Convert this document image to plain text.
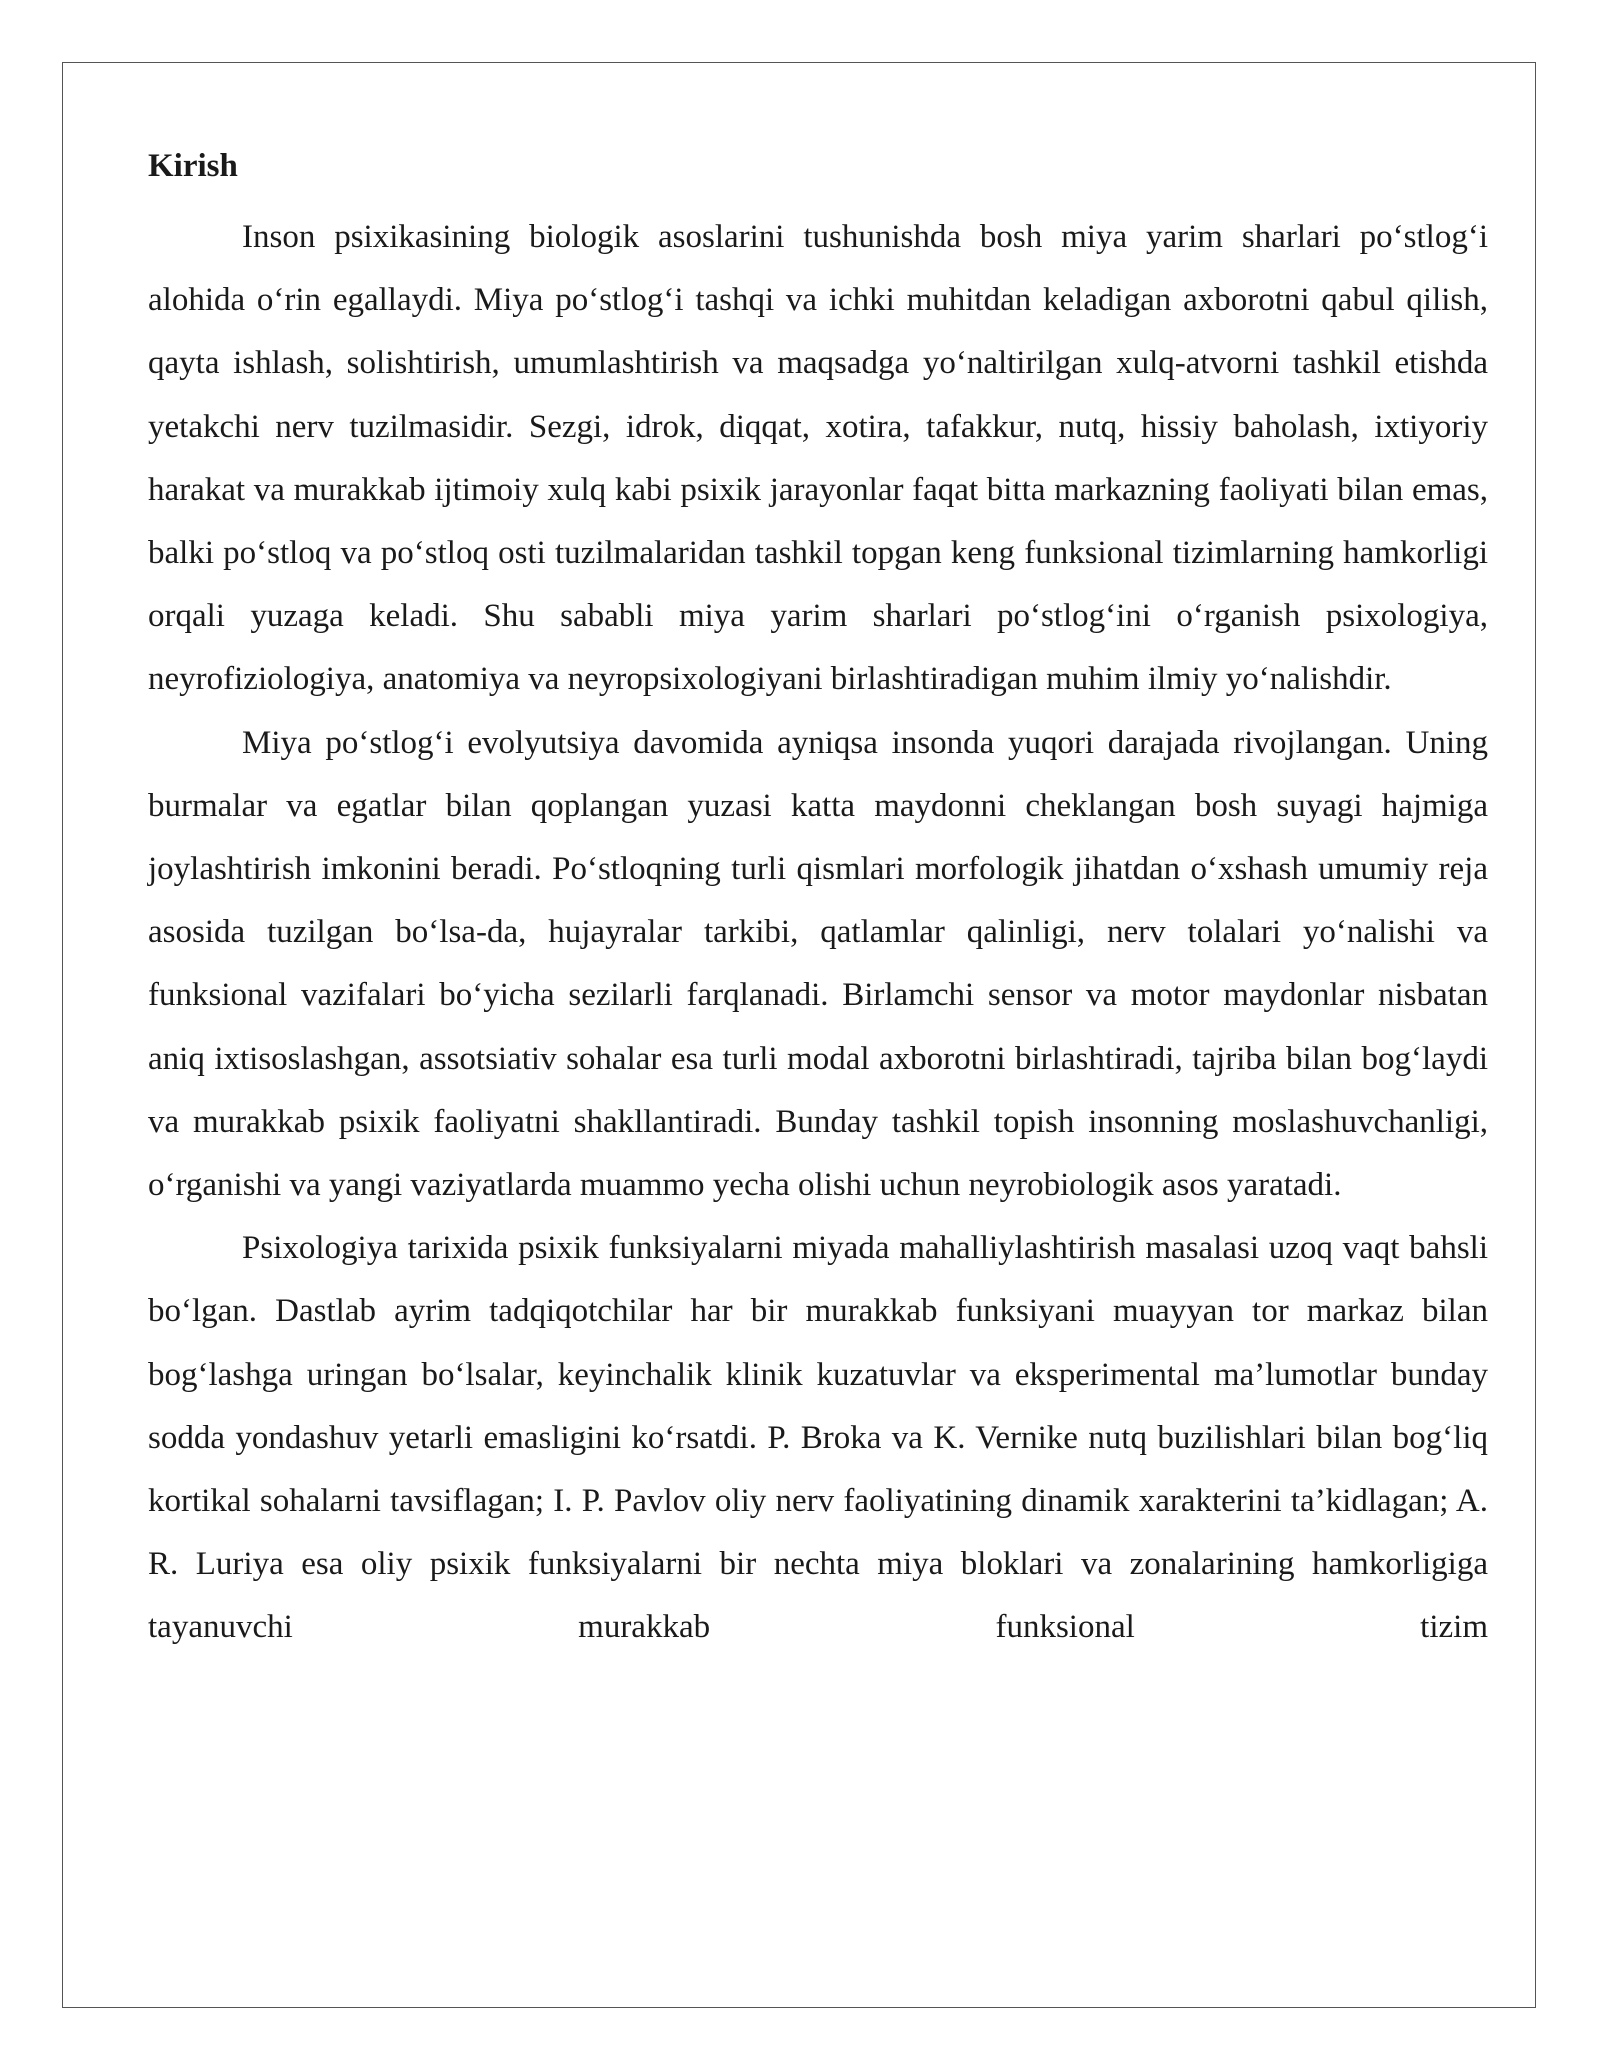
Kirish

Inson psixikasining biologik asoslarini tushunishda bosh miya yarim sharlari po‘stlog‘i alohida o‘rin egallaydi. Miya po‘stlog‘i tashqi va ichki muhitdan keladigan axborotni qabul qilish, qayta ishlash, solishtirish, umumlashtirish va maqsadga yo‘naltirilgan xulq-atvorni tashkil etishda yetakchi nerv tuzilmasidir. Sezgi, idrok, diqqat, xotira, tafakkur, nutq, hissiy baholash, ixtiyoriy harakat va murakkab ijtimoiy xulq kabi psixik jarayonlar faqat bitta markazning faoliyati bilan emas, balki po‘stloq va po‘stloq osti tuzilmalaridan tashkil topgan keng funksional tizimlarning hamkorligi orqali yuzaga keladi. Shu sababli miya yarim sharlari po‘stlog‘ini o‘rganish psixologiya, neyrofiziologiya, anatomiya va neyropsixologiyani birlashtiradigan muhim ilmiy yo‘nalishdir.

Miya po‘stlog‘i evolyutsiya davomida ayniqsa insonda yuqori darajada rivojlangan. Uning burmalar va egatlar bilan qoplangan yuzasi katta maydonni cheklangan bosh suyagi hajmiga joylashtirish imkonini beradi. Po‘stloqning turli qismlari morfologik jihatdan o‘xshash umumiy reja asosida tuzilgan bo‘lsa-da, hujayralar tarkibi, qatlamlar qalinligi, nerv tolalari yo‘nalishi va funksional vazifalari bo‘yicha sezilarli farqlanadi. Birlamchi sensor va motor maydonlar nisbatan aniq ixtisoslashgan, assotsiativ sohalar esa turli modal axborotni birlashtiradi, tajriba bilan bog‘laydi va murakkab psixik faoliyatni shakllantiradi. Bunday tashkil topish insonning moslashuvchanligi, o‘rganishi va yangi vaziyatlarda muammo yecha olishi uchun neyrobiologik asos yaratadi.

Psixologiya tarixida psixik funksiyalarni miyada mahalliylashtirish masalasi uzoq vaqt bahsli bo‘lgan. Dastlab ayrim tadqiqotchilar har bir murakkab funksiyani muayyan tor markaz bilan bog‘lashga uringan bo‘lsalar, keyinchalik klinik kuzatuvlar va eksperimental ma’lumotlar bunday sodda yondashuv yetarli emasligini ko‘rsatdi. P. Broka va K. Vernike nutq buzilishlari bilan bog‘liq kortikal sohalarni tavsiflagan; I. P. Pavlov oliy nerv faoliyatining dinamik xarakterini ta’kidlagan; A. R. Luriya esa oliy psixik funksiyalarni bir nechta miya bloklari va zonalarining hamkorligiga tayanuvchi murakkab funksional tizim
